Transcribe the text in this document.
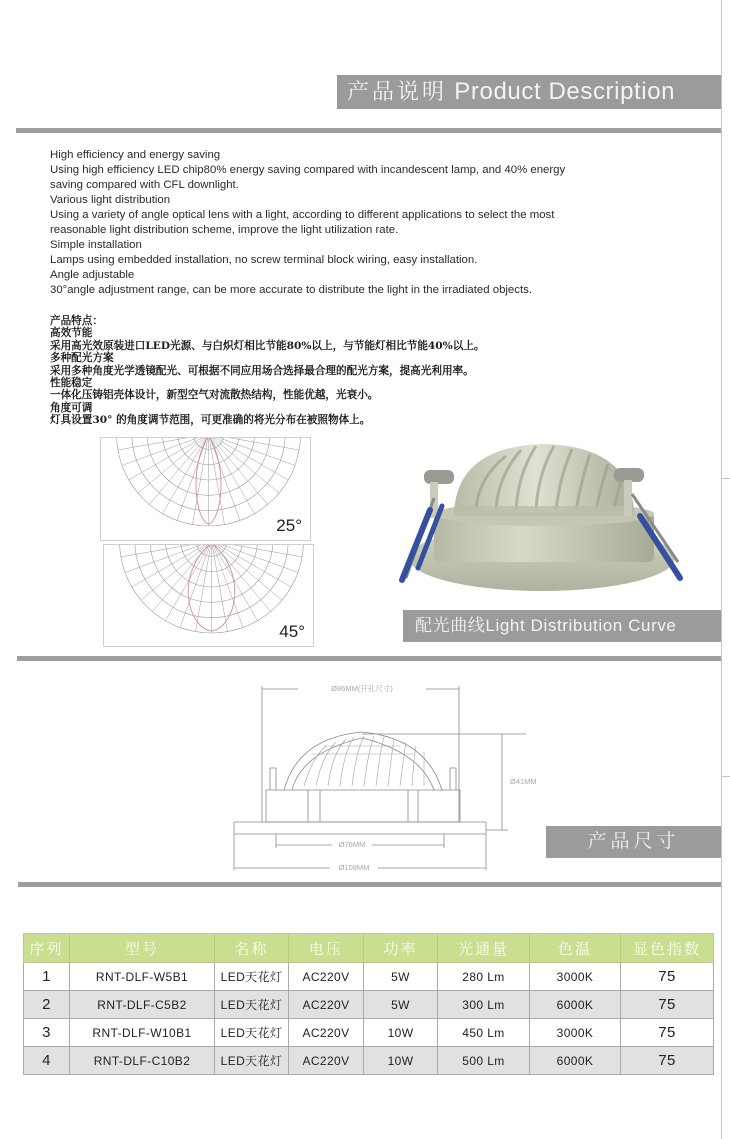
产品说明 Product Description
High efficiency and energy saving
Using high efficiency LED chip80% energy saving compared with incandescent lamp, and 40% energy
saving compared with CFL downlight.
Various light distribution
Using a variety of angle optical lens with a light, according to different applications to select the most
reasonable light distribution scheme, improve the light utilization rate.
Simple installation
Lamps using embedded installation, no screw terminal block wiring, easy installation.
Angle adjustable
30°angle adjustment range, can be more accurate to distribute the light in the irradiated objects.
产品特点：
高效节能
采用高光效原装进口LED光源、与白炽灯相比节能80%以上，与节能灯相比节能40%以上。
多种配光方案
采用多种角度光学透镜配光、可根据不同应用场合选择最合理的配光方案，提高光利用率。
性能稳定
一体化压铸铝壳体设计，新型空气对流散热结构，性能优越，光衰小。
角度可调
灯具设置30° 的角度调节范围，可更准确的将光分布在被照物体上。
25°
45°	配光曲线Light Distribution Curve
Ø86MM(开孔尺寸)
Ø41MM
Ø76MM
Ø108MM
产品尺寸
序列	型号	名称	电压	功率	光通量	色温	显色指数
1	RNT-DLF-W5B1	LED天花灯	AC220V	5W	280 Lm	3000K	75
2	RNT-DLF-C5B2	LED天花灯	AC220V	5W	300 Lm	6000K	75
3	RNT-DLF-W10B1	LED天花灯	AC220V	10W	450 Lm	3000K	75
4	RNT-DLF-C10B2	LED天花灯	AC220V	10W	500 Lm	6000K	75
